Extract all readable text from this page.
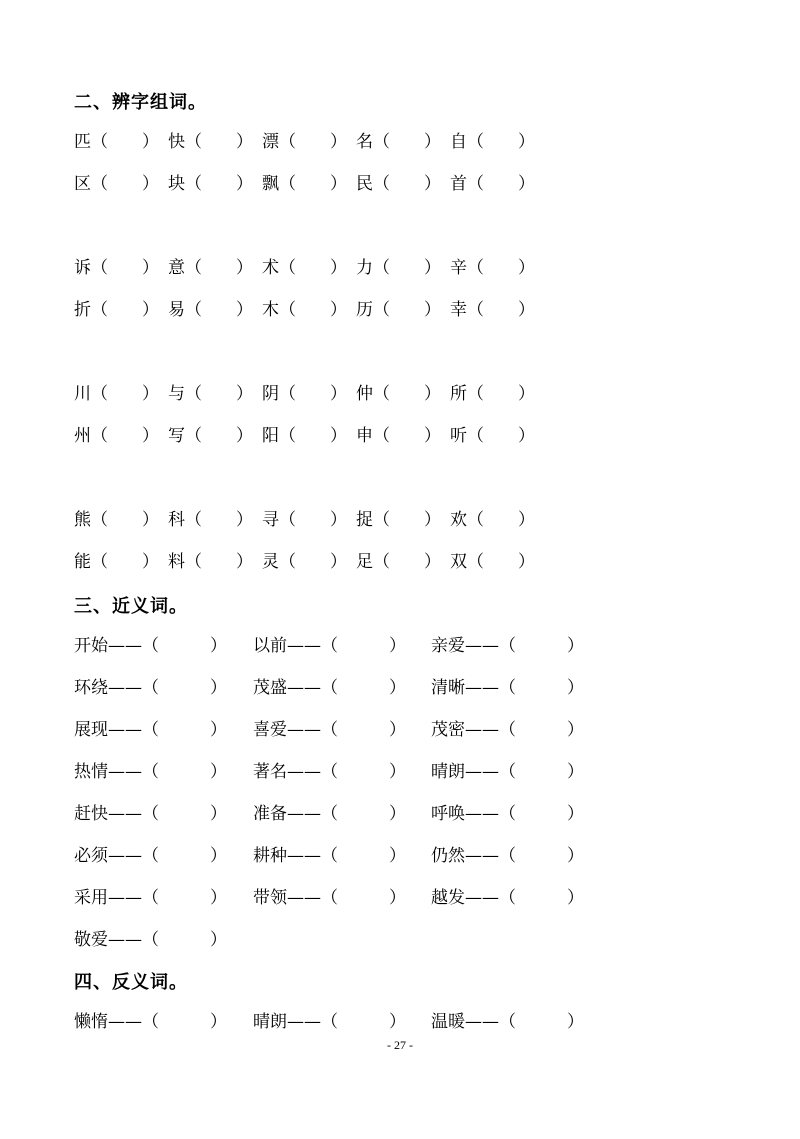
二、辨字组词。

匹（　　）

快（　　）

漂（　　）

名（　　）

自（　　）

区（　　）

块（　　）

飘（　　）

民（　　）

首（　　）

诉（　　）

意（　　）

术（　　）

力（　　）

辛（　　）

折（　　）

易（　　）

木（　　）

历（　　）

幸（　　）

川（　　）

与（　　）

阴（　　）

仲（　　）

所（　　）

州（　　）

写（　　）

阳（　　）

申（　　）

听（　　）

熊（　　）

科（　　）

寻（　　）

捉（　　）

欢（　　）

能（　　）

料（　　）

灵（　　）

足（　　）

双（　　）

三、近义词。

开始——（　　　）

以前——（　　　）

亲爱——（　　　）

环绕——（　　　）

茂盛——（　　　）

清晰——（　　　）

展现——（　　　）

喜爱——（　　　）

茂密——（　　　）

热情——（　　　）

著名——（　　　）

晴朗——（　　　）

赶快——（　　　）

准备——（　　　）

呼唤——（　　　）

必须——（　　　）

耕种——（　　　）

仍然——（　　　）

采用——（　　　）

带领——（　　　）

越发——（　　　）

敬爱——（　　　）

四、反义词。

懒惰——（　　　）

晴朗——（　　　）

温暖——（　　　）

- 27 -
